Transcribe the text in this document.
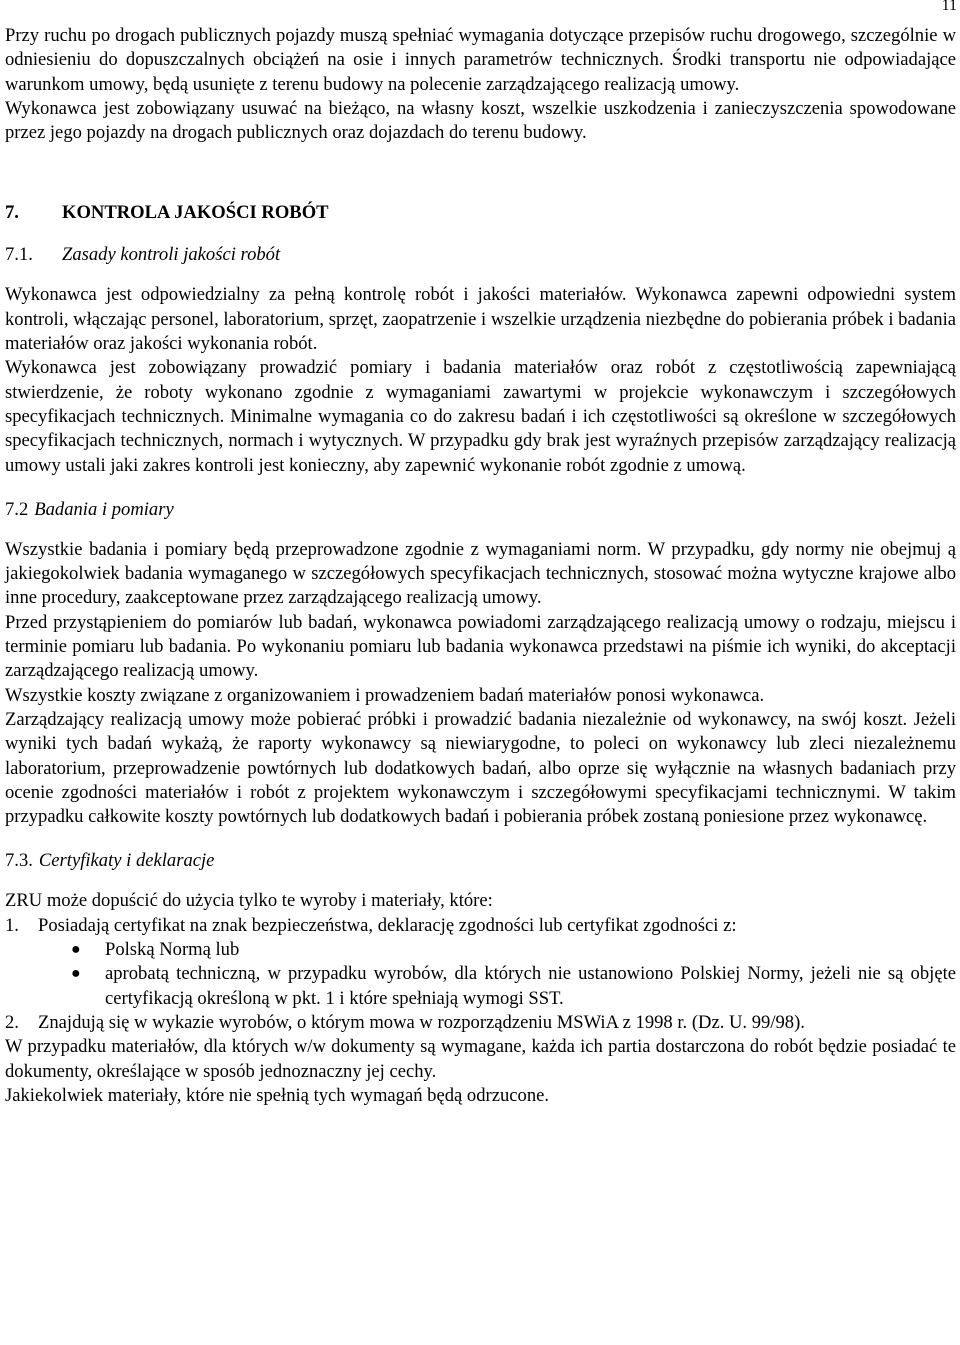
11

Przy ruchu po drogach publicznych pojazdy muszą spełniać wymagania dotyczące przepisów ruchu drogowego, szczególnie w odniesieniu do dopuszczalnych obciążeń na osie i innych parametrów technicznych. Środki transportu nie odpowiadające warunkom umowy, będą usunięte z terenu budowy na polecenie zarządzającego realizacją umowy.

Wykonawca jest zobowiązany usuwać na bieżąco, na własny koszt, wszelkie uszkodzenia i zanieczyszczenia spowodowane przez jego pojazdy na drogach publicznych oraz dojazdach do terenu budowy.

7. KONTROLA JAKOŚCI ROBÓT
7.1. Zasady kontroli jakości robót

Wykonawca jest odpowiedzialny za pełną kontrolę robót i jakości materiałów. Wykonawca zapewni odpowiedni system kontroli, włączając personel, laboratorium, sprzęt, zaopatrzenie i wszelkie urządzenia niezbędne do pobierania próbek i badania materiałów oraz jakości wykonania robót.

Wykonawca jest zobowiązany prowadzić pomiary i badania materiałów oraz robót z częstotliwością zapewniającą stwierdzenie, że roboty wykonano zgodnie z wymaganiami zawartymi w projekcie wykonawczym i szczegółowych specyfikacjach technicznych. Minimalne wymagania co do zakresu badań i ich częstotliwości są określone w szczegółowych specyfikacjach technicznych, normach i wytycznych. W przypadku gdy brak jest wyraźnych przepisów zarządzający realizacją umowy ustali jaki zakres kontroli jest konieczny, aby zapewnić wykonanie robót zgodnie z umową.

7.2 Badania i pomiary

Wszystkie badania i pomiary będą przeprowadzone zgodnie z wymaganiami norm. W przypadku, gdy normy nie obejmuj ą jakiegokolwiek badania wymaganego w szczegółowych specyfikacjach technicznych, stosować można wytyczne krajowe albo inne procedury, zaakceptowane przez zarządzającego realizacją umowy.

Przed przystąpieniem do pomiarów lub badań, wykonawca powiadomi zarządzającego realizacją umowy o rodzaju, miejscu i terminie pomiaru lub badania. Po wykonaniu pomiaru lub badania wykonawca przedstawi na piśmie ich wyniki, do akceptacji zarządzającego realizacją umowy.

Wszystkie koszty związane z organizowaniem i prowadzeniem badań materiałów ponosi wykonawca.

Zarządzający realizacją umowy może pobierać próbki i prowadzić badania niezależnie od wykonawcy, na swój koszt. Jeżeli wyniki tych badań wykażą, że raporty wykonawcy są niewiarygodne, to poleci on wykonawcy lub zleci niezależnemu laboratorium, przeprowadzenie powtórnych lub dodatkowych badań, albo oprze się wyłącznie na własnych badaniach przy ocenie zgodności materiałów i robót z projektem wykonawczym i szczegółowymi specyfikacjami technicznymi. W takim przypadku całkowite koszty powtórnych lub dodatkowych badań i pobierania próbek zostaną poniesione przez wykonawcę.

7.3. Certyfikaty i deklaracje

ZRU może dopuścić do użycia tylko te wyroby i materiały, które:

1.	Posiadają certyfikat na znak bezpieczeństwa, deklarację zgodności lub certyfikat zgodności z:
●	Polską Normą lub
●	aprobatą techniczną, w przypadku wyrobów, dla których nie ustanowiono Polskiej Normy, jeżeli nie są objęte certyfikacją określoną w pkt. 1 i które spełniają wymogi SST.
2.	Znajdują się w wykazie wyrobów, o którym mowa w rozporządzeniu MSWiA z 1998 r. (Dz. U. 99/98).

W przypadku materiałów, dla których w/w dokumenty są wymagane, każda ich partia dostarczona do robót będzie posiadać te dokumenty, określające w sposób jednoznaczny jej cechy.

Jakiekolwiek materiały, które nie spełnią tych wymagań będą odrzucone.
